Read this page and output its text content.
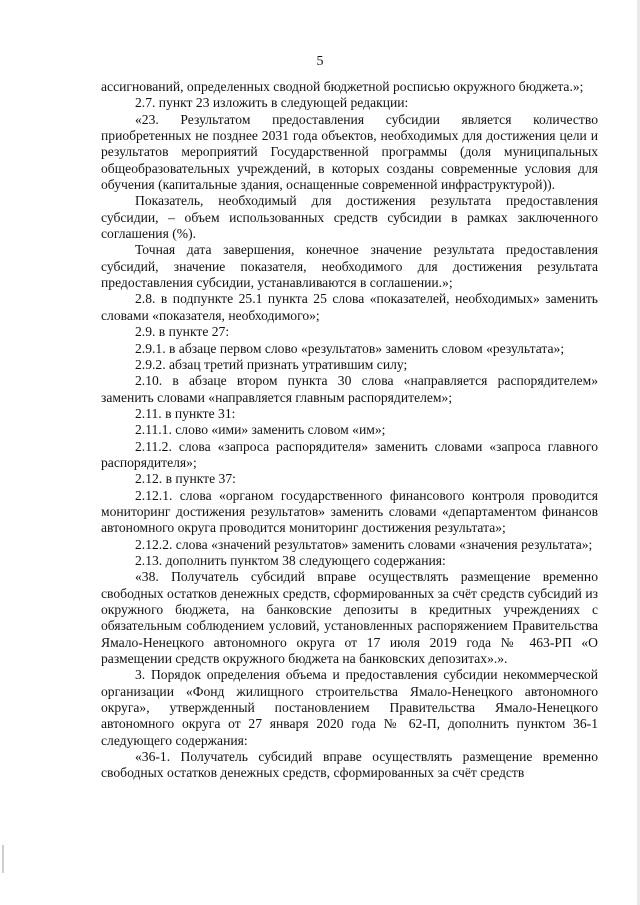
5

ассигнований, определенных сводной бюджетной росписью окружного бюджета.»;

2.7. пункт 23 изложить в следующей редакции:

«23. Результатом предоставления субсидии является количество приобретенных не позднее 2031 года объектов, необходимых для достижения цели и результатов мероприятий Государственной программы (доля муниципальных общеобразовательных учреждений, в которых созданы современные условия для обучения (капитальные здания, оснащенные современной инфраструктурой)).

Показатель, необходимый для достижения результата предоставления субсидии, – объем использованных средств субсидии в рамках заключенного соглашения (%).

Точная дата завершения, конечное значение результата предоставления субсидий, значение показателя, необходимого для достижения результата предоставления субсидии, устанавливаются в соглашении.»;

2.8. в подпункте 25.1 пункта 25 слова «показателей, необходимых» заменить словами «показателя, необходимого»;

2.9. в пункте 27:

2.9.1. в абзаце первом слово «результатов» заменить словом «результата»;

2.9.2. абзац третий признать утратившим силу;

2.10. в абзаце втором пункта 30 слова «направляется распорядителем» заменить словами «направляется главным распорядителем»;

2.11. в пункте 31:

2.11.1. слово «ими» заменить словом «им»;

2.11.2. слова «запроса распорядителя» заменить словами «запроса главного распорядителя»;

2.12. в пункте 37:

2.12.1. слова «органом государственного финансового контроля проводится мониторинг достижения результатов» заменить словами «департаментом финансов автономного округа проводится мониторинг достижения результата»;

2.12.2. слова «значений результатов» заменить словами «значения результата»;

2.13. дополнить пунктом 38 следующего содержания:

«38. Получатель субсидий вправе осуществлять размещение временно свободных остатков денежных средств, сформированных за счёт средств субсидий из окружного бюджета, на банковские депозиты в кредитных учреждениях с обязательным соблюдением условий, установленных распоряжением Правительства Ямало-Ненецкого автономного округа от 17 июля 2019 года № 463-РП «О размещении средств окружного бюджета на банковских депозитах».».

3. Порядок определения объема и предоставления субсидии некоммерческой организации «Фонд жилищного строительства Ямало-Ненецкого автономного округа», утвержденный постановлением Правительства Ямало-Ненецкого автономного округа от 27 января 2020 года № 62-П, дополнить пунктом 36-1 следующего содержания:

«36-1. Получатель субсидий вправе осуществлять размещение временно свободных остатков денежных средств, сформированных за счёт средств
